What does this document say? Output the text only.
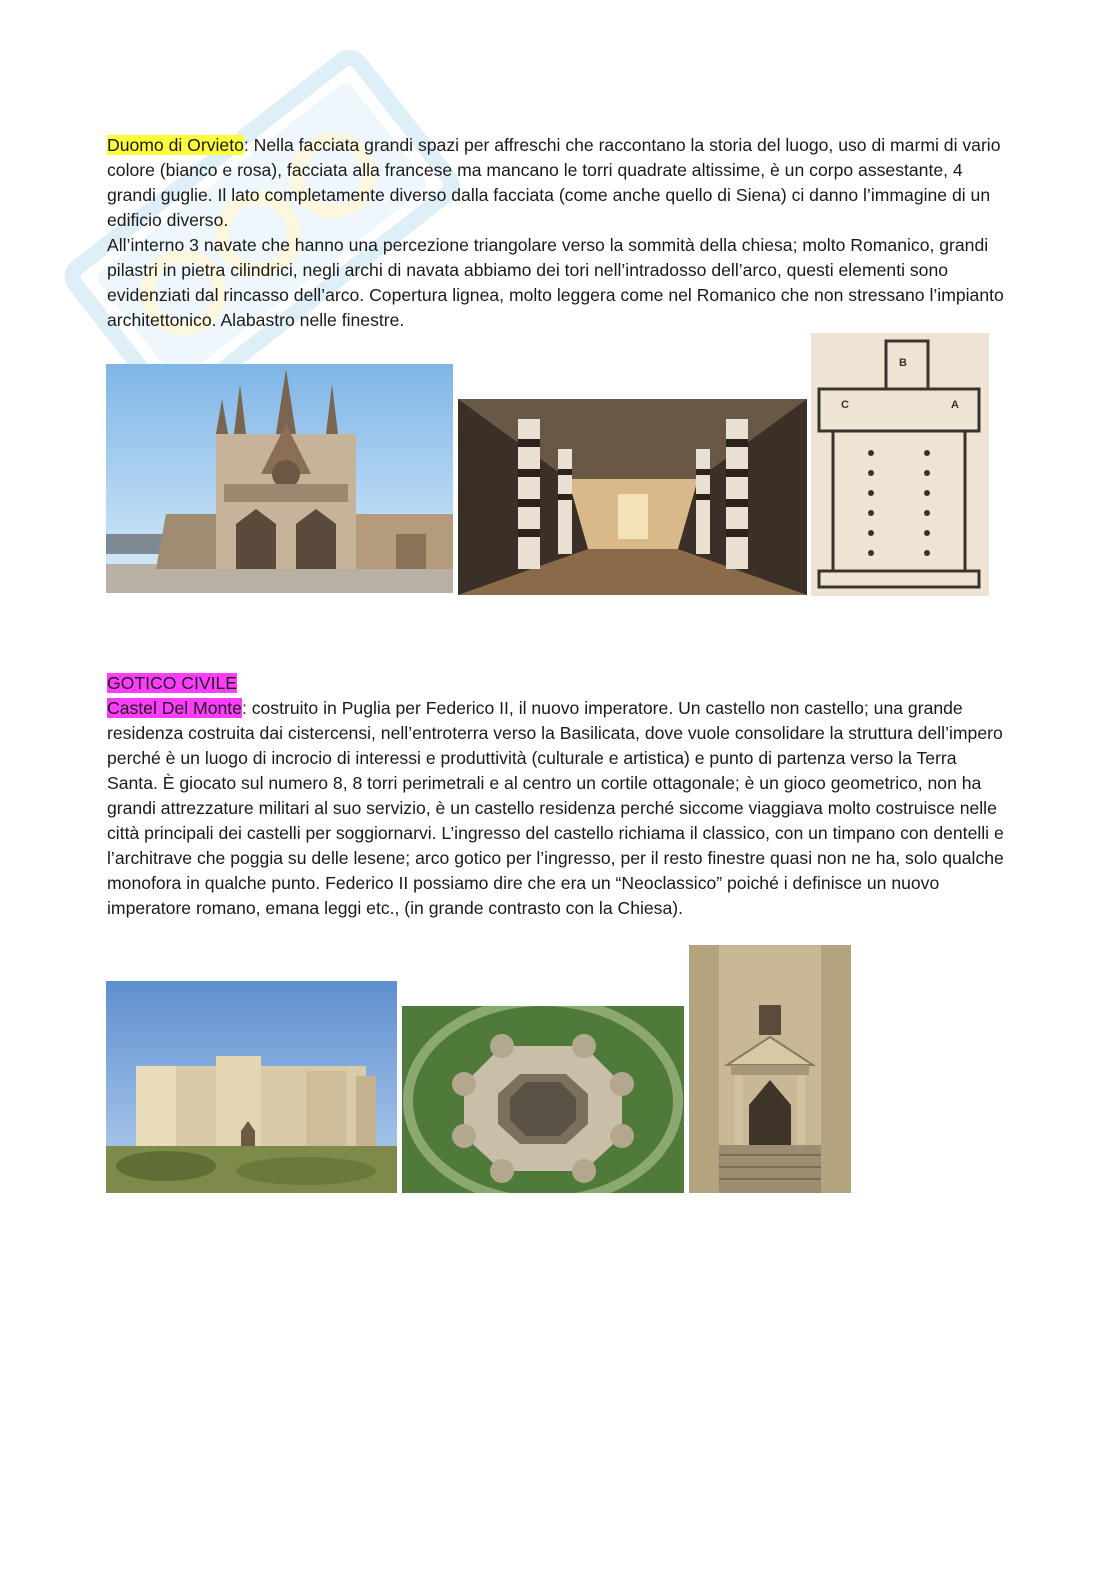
Duomo di Orvieto: Nella facciata grandi spazi per affreschi che raccontano la storia del luogo, uso di marmi di vario colore (bianco e rosa), facciata alla francese ma mancano le torri quadrate altissime, è un corpo assestante, 4 grandi guglie. Il lato completamente diverso dalla facciata (come anche quello di Siena) ci danno l’immagine di un edificio diverso.

All’interno 3 navate che hanno una percezione triangolare verso la sommità della chiesa; molto Romanico, grandi pilastri in pietra cilindrici, negli archi di navata abbiamo dei tori nell’intradosso dell’arco, questi elementi sono evidenziati dal rincasso dell’arco. Copertura lignea, molto leggera come nel Romanico che non stressano l’impianto architettonico. Alabastro nelle finestre.

B
C	A

GOTICO CIVILE

Castel Del Monte: costruito in Puglia per Federico II, il nuovo imperatore. Un castello non castello; una grande residenza costruita dai cistercensi, nell’entroterra verso la Basilicata, dove vuole consolidare la struttura dell’impero perché è un luogo di incrocio di interessi e produttività (culturale e artistica) e punto di partenza verso la Terra Santa. È giocato sul numero 8, 8 torri perimetrali e al centro un cortile ottagonale; è un gioco geometrico, non ha grandi attrezzature militari al suo servizio, è un castello residenza perché siccome viaggiava molto costruisce nelle città principali dei castelli per soggiornarvi. L’ingresso del castello richiama il classico, con un timpano con dentelli e l’architrave che poggia su delle lesene; arco gotico per l’ingresso, per il resto finestre quasi non ne ha, solo qualche monofora in qualche punto. Federico II possiamo dire che era un “Neoclassico” poiché i definisce un nuovo imperatore romano, emana leggi etc., (in grande contrasto con la Chiesa).
